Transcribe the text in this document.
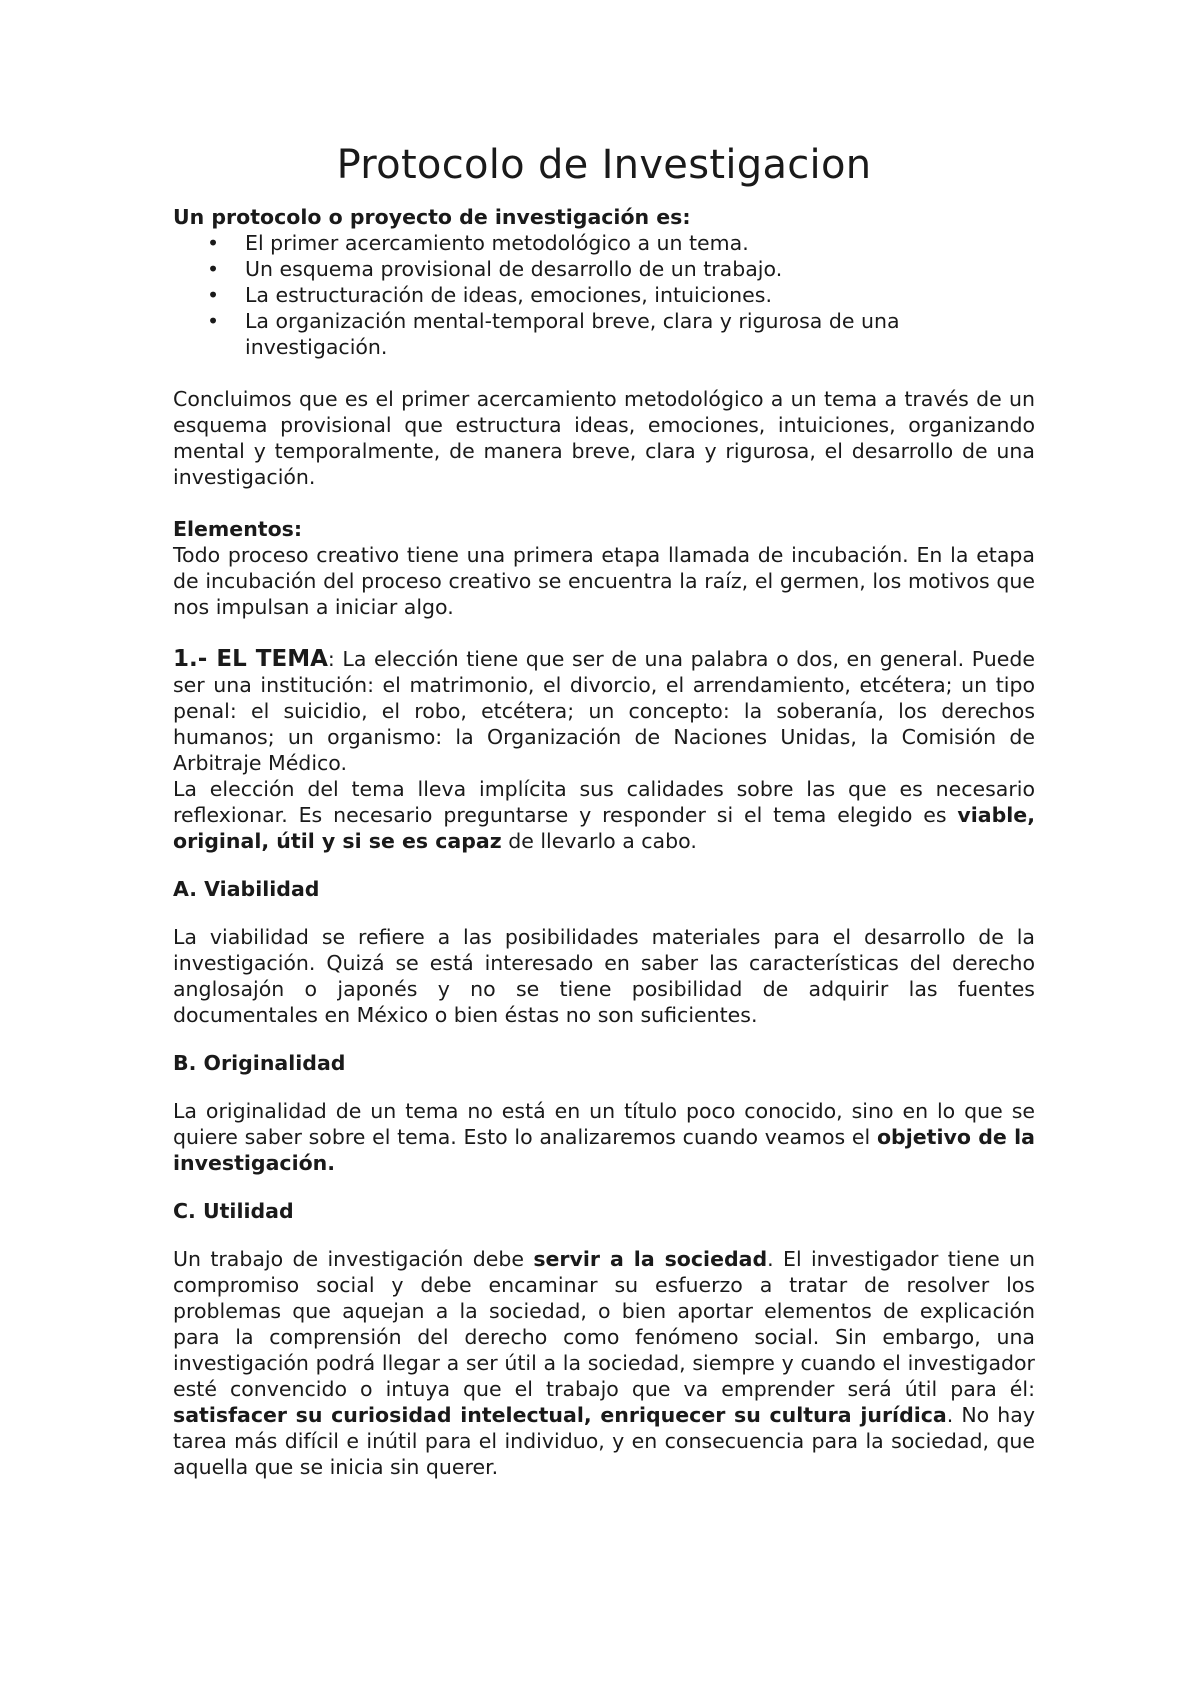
Protocolo de Investigacion

Un protocolo o proyecto de investigación es:

• El primer acercamiento metodológico a un tema.
• Un esquema provisional de desarrollo de un trabajo.
• La estructuración de ideas, emociones, intuiciones.
• La organización mental-temporal breve, clara y rigurosa de una investigación.

Concluimos que es el primer acercamiento metodológico a un tema a través de un esquema provisional que estructura ideas, emociones, intuiciones, organizando mental y temporalmente, de manera breve, clara y rigurosa, el desarrollo de una investigación.

Elementos:

Todo proceso creativo tiene una primera etapa llamada de incubación. En la etapa de incubación del proceso creativo se encuentra la raíz, el germen, los motivos que nos impulsan a iniciar algo.

1.- EL TEMA: La elección tiene que ser de una palabra o dos, en general. Puede ser una institución: el matrimonio, el divorcio, el arrendamiento, etcétera; un tipo penal: el suicidio, el robo, etcétera; un concepto: la soberanía, los derechos humanos; un organismo: la Organización de Naciones Unidas, la Comisión de Arbitraje Médico.

La elección del tema lleva implícita sus calidades sobre las que es necesario reflexionar. Es necesario preguntarse y responder si el tema elegido es viable, original, útil y si se es capaz de llevarlo a cabo.

A. Viabilidad

La viabilidad se refiere a las posibilidades materiales para el desarrollo de la investigación. Quizá se está interesado en saber las características del derecho anglosajón o japonés y no se tiene posibilidad de adquirir las fuentes documentales en México o bien éstas no son suficientes.

B. Originalidad

La originalidad de un tema no está en un título poco conocido, sino en lo que se quiere saber sobre el tema. Esto lo analizaremos cuando veamos el objetivo de la investigación.

C. Utilidad

Un trabajo de investigación debe servir a la sociedad. El investigador tiene un compromiso social y debe encaminar su esfuerzo a tratar de resolver los problemas que aquejan a la sociedad, o bien aportar elementos de explicación para la comprensión del derecho como fenómeno social. Sin embargo, una investigación podrá llegar a ser útil a la sociedad, siempre y cuando el investigador esté convencido o intuya que el trabajo que va emprender será útil para él: satisfacer su curiosidad intelectual, enriquecer su cultura jurídica. No hay tarea más difícil e inútil para el individuo, y en consecuencia para la sociedad, que aquella que se inicia sin querer.
